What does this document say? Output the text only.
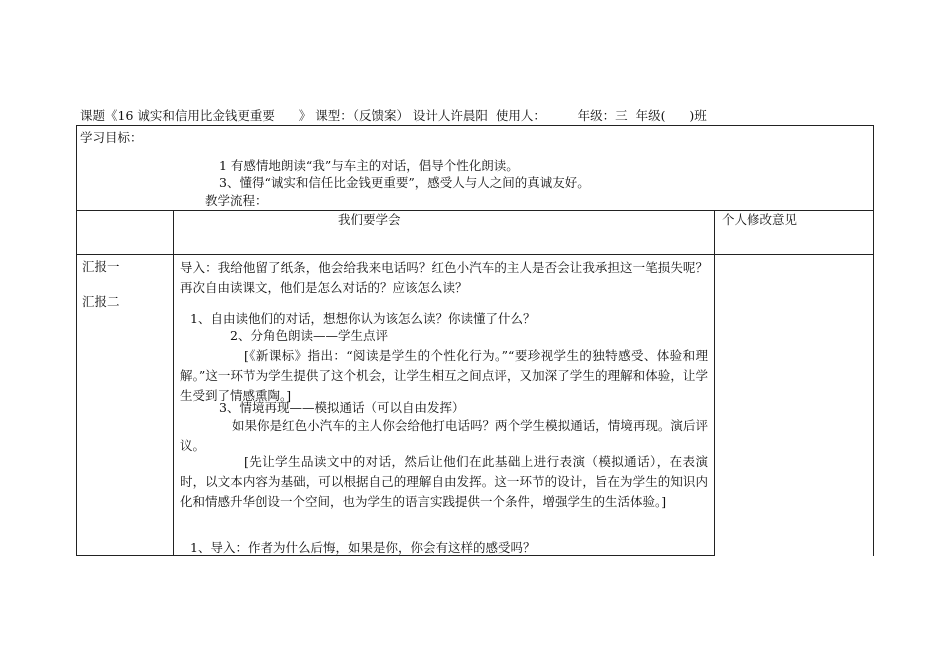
课题《16 诚实和信用比金钱更重要      》 课型：（反馈案） 设计人许晨阳  使用人：        年级：三  年级(      )班
学习目标：
1 有感情地朗读“我”与车主的对话，倡导个性化朗读。
3、懂得“诚实和信任比金钱更重要”，感受人与人之间的真诚友好。
教学流程：
我们要学会	个人修改意见
汇报一
汇报二
导入：我给他留了纸条，他会给我来电话吗？红色小汽车的主人是否会让我承担这一笔损失呢？再次自由读课文，他们是怎么对话的？应该怎么读？
1、自由读他们的对话，想想你认为该怎么读？你读懂了什么？
2、分角色朗读——学生点评
[《新课标》指出：“阅读是学生的个性化行为。”“要珍视学生的独特感受、体验和理解。”这一环节为学生提供了这个机会，让学生相互之间点评，又加深了学生的理解和体验，让学生受到了情感熏陶。]
3、情境再现——模拟通话（可以自由发挥）
如果你是红色小汽车的主人你会给他打电话吗？两个学生模拟通话，情境再现。演后评议。
[先让学生品读文中的对话，然后让他们在此基础上进行表演（模拟通话），在表演时，以文本内容为基础，可以根据自己的理解自由发挥。这一环节的设计，旨在为学生的知识内化和情感升华创设一个空间，也为学生的语言实践提供一个条件，增强学生的生活体验。]
1、导入：作者为什么后悔，如果是你，你会有这样的感受吗？
